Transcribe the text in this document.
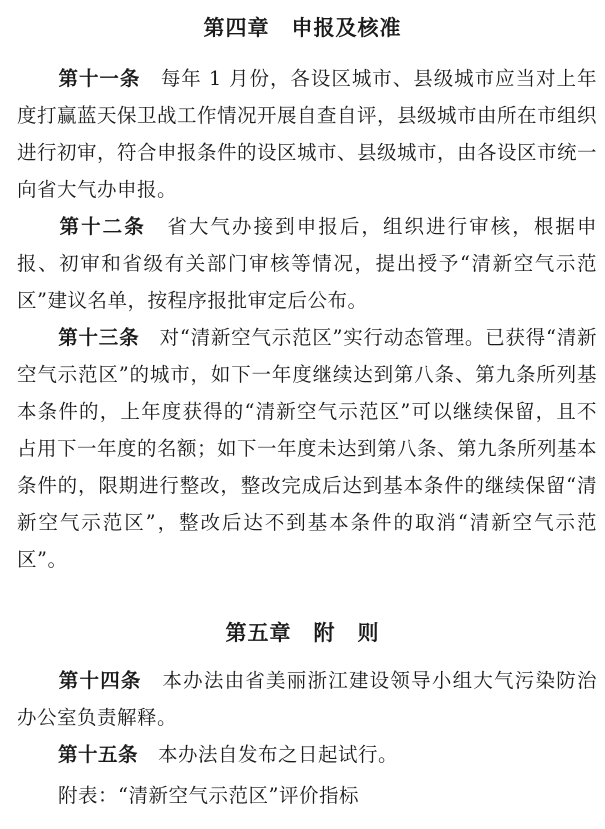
第四章　申报及核准
第十一条 每年 1 月份，各设区城市、县级城市应当对上年度打赢蓝天保卫战工作情况开展自查自评，县级城市由所在市组织进行初审，符合申报条件的设区城市、县级城市，由各设区市统一向省大气办申报。
第十二条 省大气办接到申报后，组织进行审核，根据申报、初审和省级有关部门审核等情况，提出授予“清新空气示范区”建议名单，按程序报批审定后公布。
第十三条 对“清新空气示范区”实行动态管理。已获得“清新空气示范区”的城市，如下一年度继续达到第八条、第九条所列基本条件的，上年度获得的“清新空气示范区”可以继续保留，且不占用下一年度的名额；如下一年度未达到第八条、第九条所列基本条件的，限期进行整改，整改完成后达到基本条件的继续保留“清新空气示范区”，整改后达不到基本条件的取消“清新空气示范区”。
第五章　附　则
第十四条 本办法由省美丽浙江建设领导小组大气污染防治办公室负责解释。
第十五条 本办法自发布之日起试行。
附表：“清新空气示范区”评价指标
